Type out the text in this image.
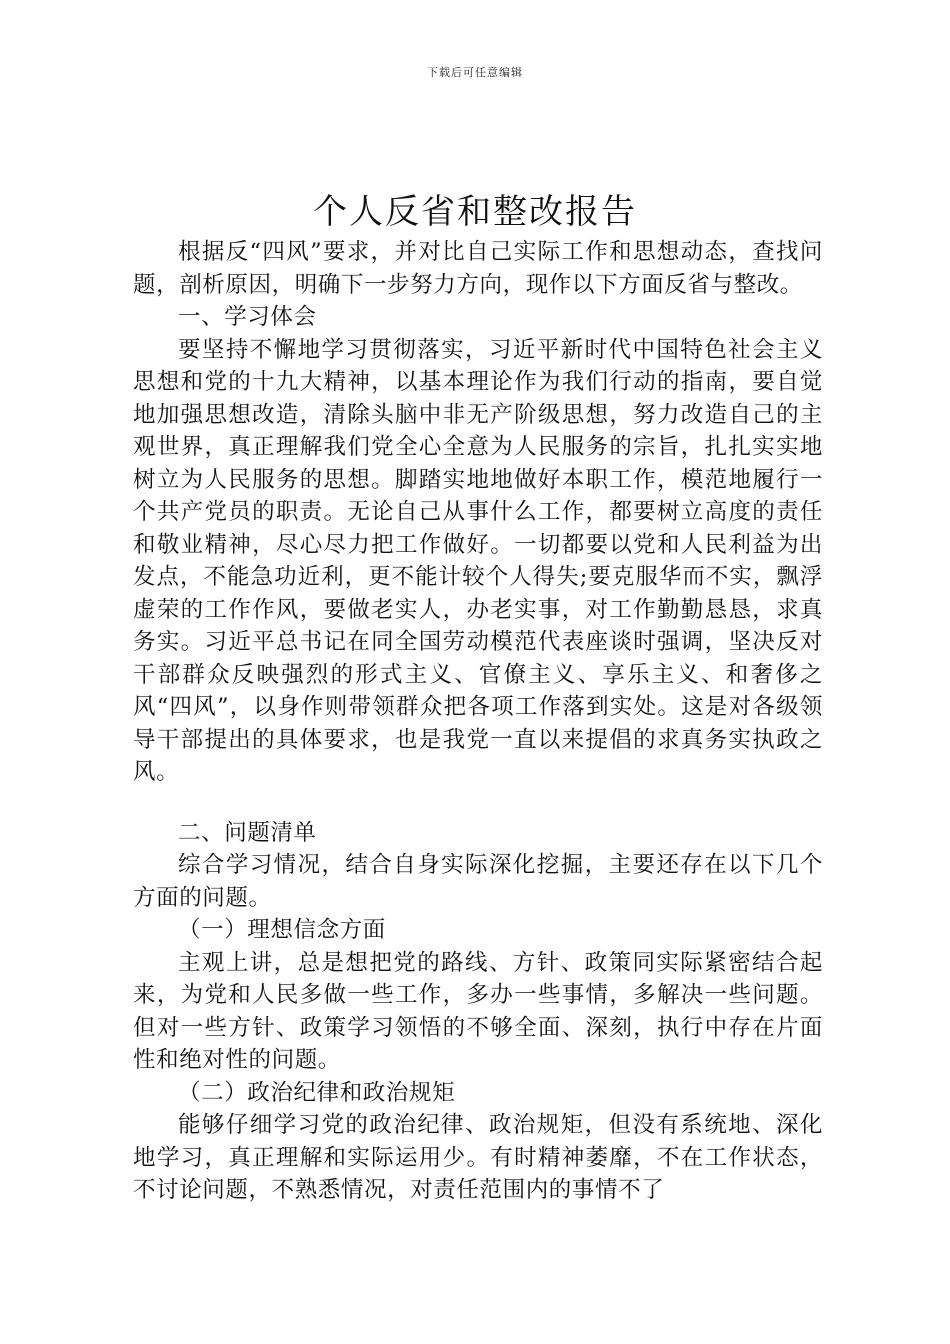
下载后可任意编辑
个人反省和整改报告

根据反“四风”要求，并对比自己实际工作和思想动态，查找问题，剖析原因，明确下一步努力方向，现作以下方面反省与整改。

一、学习体会

要坚持不懈地学习贯彻落实，习近平新时代中国特色社会主义思想和党的十九大精神，以基本理论作为我们行动的指南，要自觉地加强思想改造，清除头脑中非无产阶级思想，努力改造自己的主观世界，真正理解我们党全心全意为人民服务的宗旨，扎扎实实地树立为人民服务的思想。脚踏实地地做好本职工作，模范地履行一个共产党员的职责。无论自己从事什么工作，都要树立高度的责任和敬业精神，尽心尽力把工作做好。一切都要以党和人民利益为出发点，不能急功近利，更不能计较个人得失;要克服华而不实，飘浮虚荣的工作作风，要做老实人，办老实事，对工作勤勤恳恳，求真务实。习近平总书记在同全国劳动模范代表座谈时强调，坚决反对干部群众反映强烈的形式主义、官僚主义、享乐主义、和奢侈之风“四风”，以身作则带领群众把各项工作落到实处。这是对各级领导干部提出的具体要求，也是我党一直以来提倡的求真务实执政之风。

二、问题清单

综合学习情况，结合自身实际深化挖掘，主要还存在以下几个方面的问题。

（一）理想信念方面

主观上讲，总是想把党的路线、方针、政策同实际紧密结合起来，为党和人民多做一些工作，多办一些事情，多解决一些问题。但对一些方针、政策学习领悟的不够全面、深刻，执行中存在片面性和绝对性的问题。

（二）政治纪律和政治规矩

能够仔细学习党的政治纪律、政治规矩，但没有系统地、深化地学习，真正理解和实际运用少。有时精神萎靡，不在工作状态，不讨论问题，不熟悉情况，对责任范围内的事情不了
